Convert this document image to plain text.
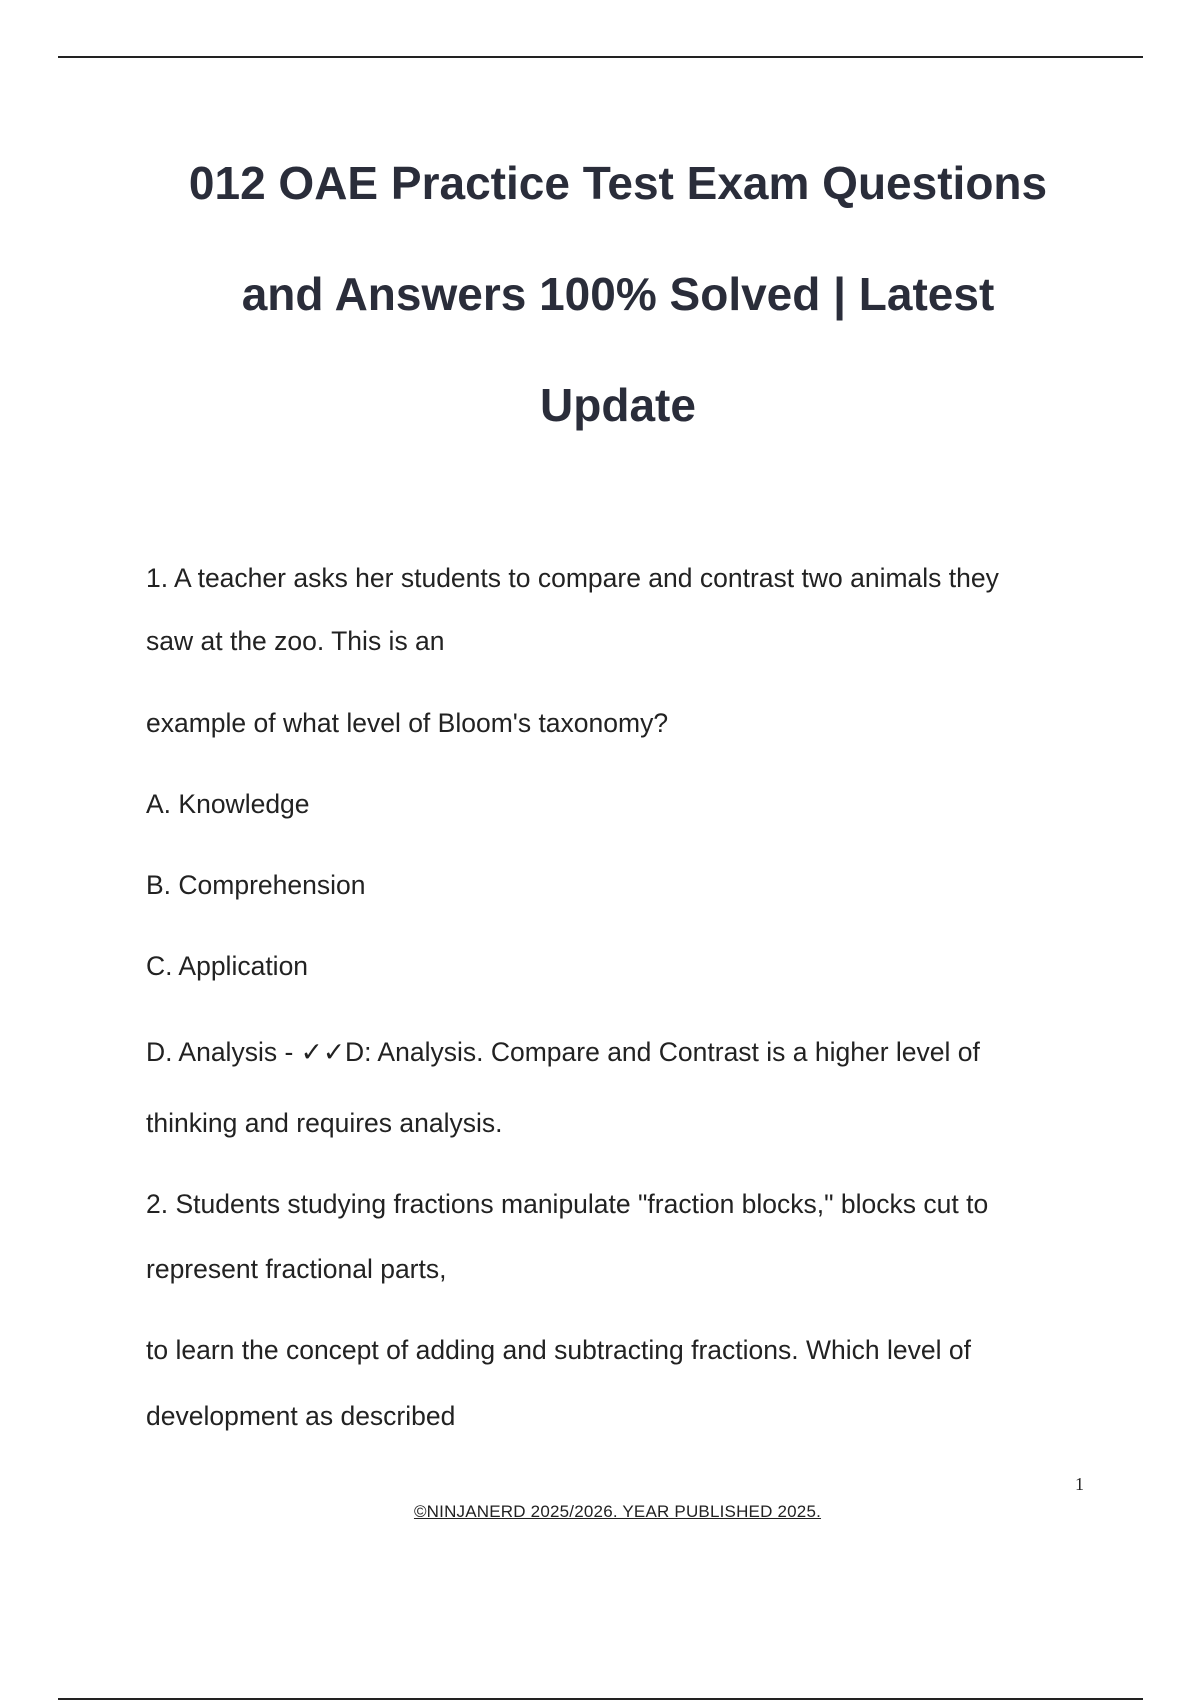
012 OAE Practice Test Exam Questions
and Answers 100% Solved | Latest
Update

1. A teacher asks her students to compare and contrast two animals they

saw at the zoo. This is an

example of what level of Bloom's taxonomy?

A. Knowledge

B. Comprehension

C. Application

D. Analysis - ✓✓D: Analysis. Compare and Contrast is a higher level of

thinking and requires analysis.

2. Students studying fractions manipulate "fraction blocks," blocks cut to

represent fractional parts,

to learn the concept of adding and subtracting fractions. Which level of

development as described

1
©NINJANERD 2025/2026. YEAR PUBLISHED 2025.
